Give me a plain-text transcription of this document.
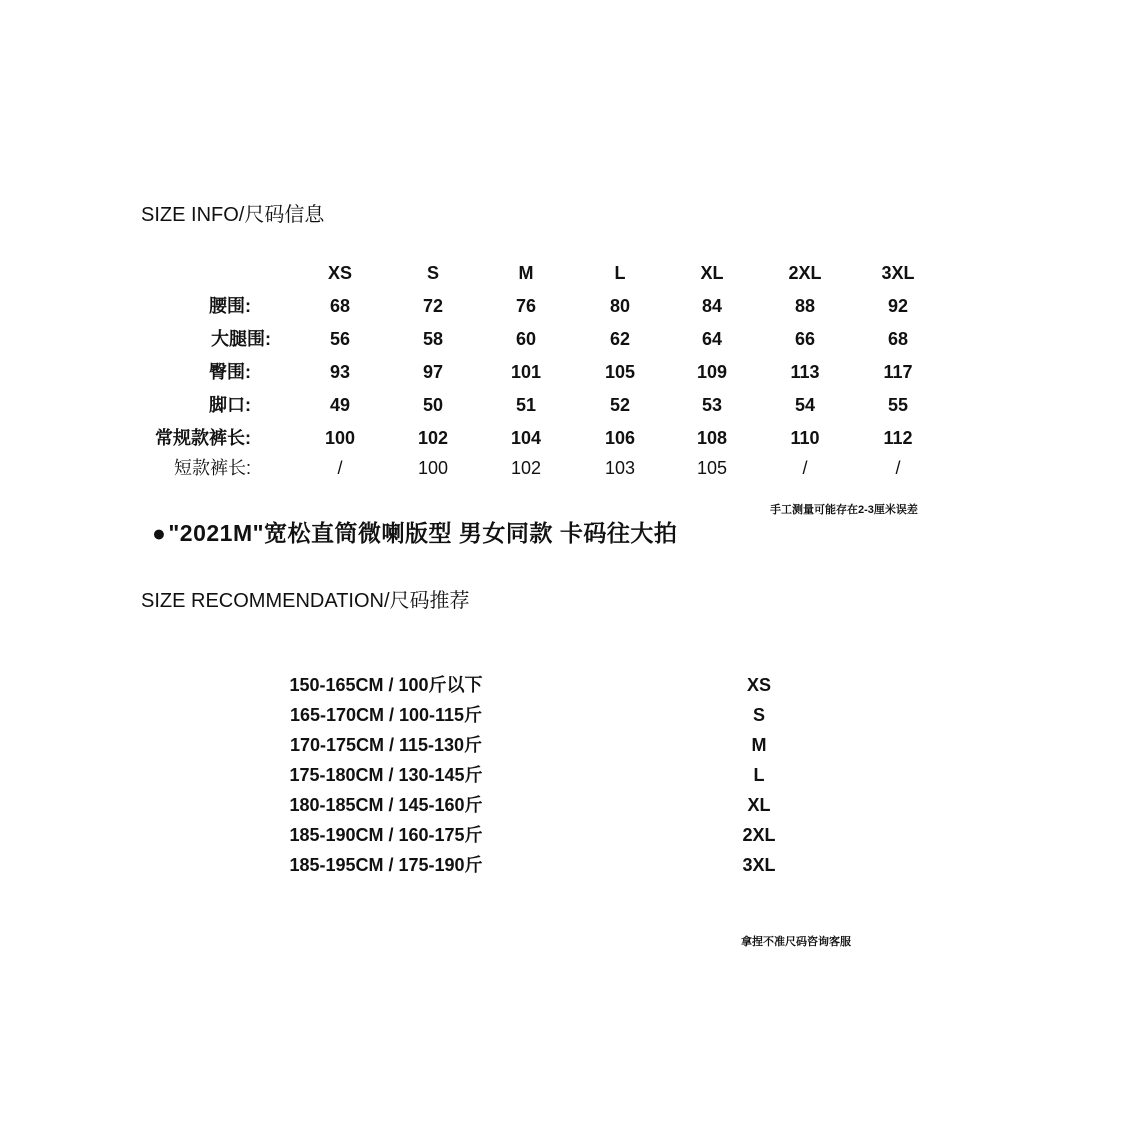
SIZE INFO/尺码信息
XS	S	M	L	XL	2XL	3XL
腰围:	68	72	76	80	84	88	92
大腿围:	56	58	60	62	64	66	68
臀围:	93	97	101	105	109	113	117
脚口:	49	50	51	52	53	54	55
常规款裤长:	100	102	104	106	108	110	112
短款裤长:	/	100	102	103	105	/	/
手工测量可能存在2-3厘米误差
●"2021M"宽松直筒微喇版型 男女同款 卡码往大拍
SIZE RECOMMENDATION/尺码推荐
150-165CM / 100斤以下	XS
165-170CM / 100-115斤	S
170-175CM / 115-130斤	M
175-180CM / 130-145斤	L
180-185CM / 145-160斤	XL
185-190CM / 160-175斤	2XL
185-195CM / 175-190斤	3XL
拿捏不准尺码咨询客服
